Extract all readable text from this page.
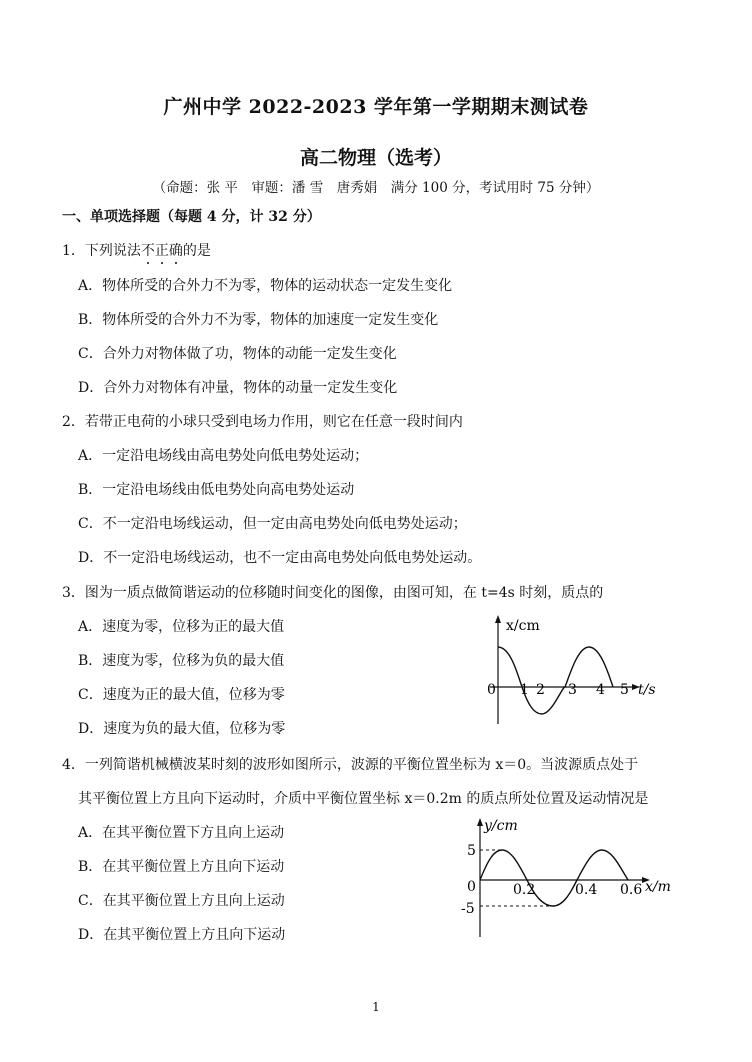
广州中学 2022-2023 学年第一学期期末测试卷
高二物理（选考）
（命题：张 平　审题：潘 雪　唐秀娟　满分 100 分，考试用时 75 分钟）
一、单项选择题（每题 4 分，计 32 分）
1．下列说法不正确的是
A．物体所受的合外力不为零，物体的运动状态一定发生变化
B．物体所受的合外力不为零，物体的加速度一定发生变化
C．合外力对物体做了功，物体的动能一定发生变化
D．合外力对物体有冲量，物体的动量一定发生变化
2．若带正电荷的小球只受到电场力作用，则它在任意一段时间内
A．一定沿电场线由高电势处向低电势处运动；
B．一定沿电场线由低电势处向高电势处运动
C．不一定沿电场线运动，但一定由高电势处向低电势处运动；
D．不一定沿电场线运动，也不一定由高电势处向低电势处运动。
3．图为一质点做简谐运动的位移随时间变化的图像，由图可知，在 t=4s 时刻，质点的
A．速度为零，位移为正的最大值
B．速度为零，位移为负的最大值
C．速度为正的最大值，位移为零
D．速度为负的最大值，位移为零
x/cm
t/s
0 1 2 3 4 5
4．一列简谐机械横波某时刻的波形如图所示，波源的平衡位置坐标为 x＝0。当波源质点处于
其平衡位置上方且向下运动时，介质中平衡位置坐标 x＝0.2m 的质点所处位置及运动情况是
A．在其平衡位置下方且向上运动
B．在其平衡位置上方且向下运动
C．在其平衡位置上方且向上运动
D．在其平衡位置上方且向下运动
y/cm
x/m
5
0
-5
0.2	0.4 0.6
1
